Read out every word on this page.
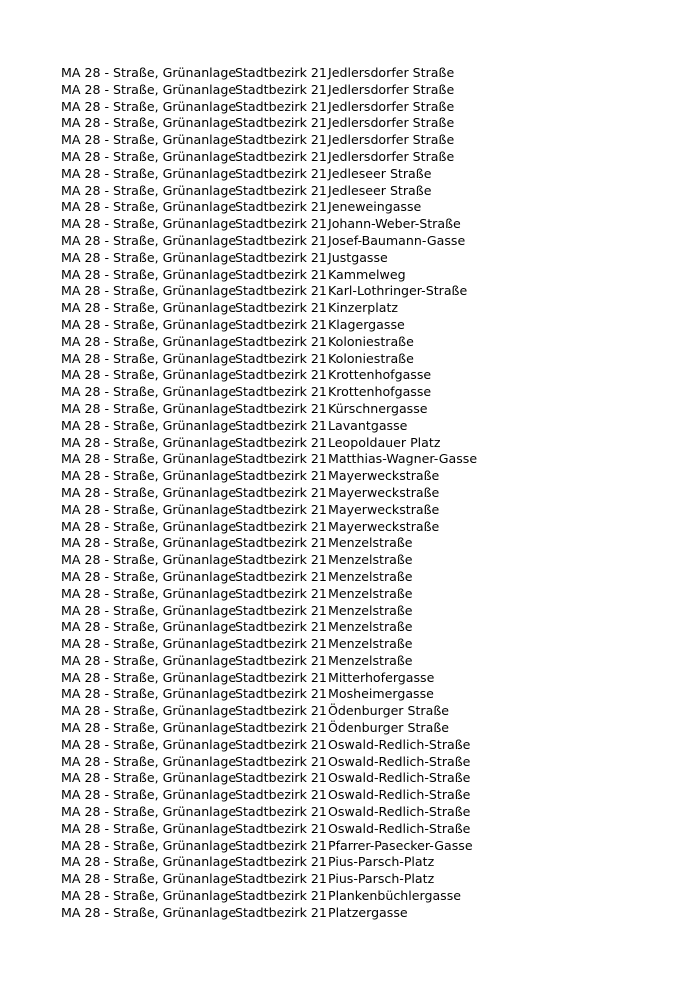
MA 28 - Straße, Grünanlage
Stadtbezirk 21 Jedlersdorfer Straße
MA 28 - Straße, Grünanlage
Stadtbezirk 21 Jedlersdorfer Straße
MA 28 - Straße, Grünanlage
Stadtbezirk 21 Jedlersdorfer Straße
MA 28 - Straße, Grünanlage
Stadtbezirk 21 Jedlersdorfer Straße
MA 28 - Straße, Grünanlage
Stadtbezirk 21 Jedlersdorfer Straße
MA 28 - Straße, Grünanlage
Stadtbezirk 21 Jedlersdorfer Straße
MA 28 - Straße, Grünanlage
Stadtbezirk 21 Jedleseer Straße
MA 28 - Straße, Grünanlage
Stadtbezirk 21 Jedleseer Straße
MA 28 - Straße, Grünanlage
Stadtbezirk 21 Jeneweingasse
MA 28 - Straße, Grünanlage
Stadtbezirk 21 Johann-Weber-Straße
MA 28 - Straße, Grünanlage
Stadtbezirk 21 Josef-Baumann-Gasse
MA 28 - Straße, Grünanlage
Stadtbezirk 21 Justgasse
MA 28 - Straße, Grünanlage
Stadtbezirk 21 Kammelweg
MA 28 - Straße, Grünanlage
Stadtbezirk 21 Karl-Lothringer-Straße
MA 28 - Straße, Grünanlage
Stadtbezirk 21 Kinzerplatz
MA 28 - Straße, Grünanlage
Stadtbezirk 21 Klagergasse
MA 28 - Straße, Grünanlage
Stadtbezirk 21 Koloniestraße
MA 28 - Straße, Grünanlage
Stadtbezirk 21 Koloniestraße
MA 28 - Straße, Grünanlage
Stadtbezirk 21 Krottenhofgasse
MA 28 - Straße, Grünanlage
Stadtbezirk 21 Krottenhofgasse
MA 28 - Straße, Grünanlage
Stadtbezirk 21 Kürschnergasse
MA 28 - Straße, Grünanlage
Stadtbezirk 21 Lavantgasse
MA 28 - Straße, Grünanlage
Stadtbezirk 21 Leopoldauer Platz
MA 28 - Straße, Grünanlage
Stadtbezirk 21 Matthias-Wagner-Gasse
MA 28 - Straße, Grünanlage
Stadtbezirk 21 Mayerweckstraße
MA 28 - Straße, Grünanlage
Stadtbezirk 21 Mayerweckstraße
MA 28 - Straße, Grünanlage
Stadtbezirk 21 Mayerweckstraße
MA 28 - Straße, Grünanlage
Stadtbezirk 21 Mayerweckstraße
MA 28 - Straße, Grünanlage
Stadtbezirk 21 Menzelstraße
MA 28 - Straße, Grünanlage
Stadtbezirk 21 Menzelstraße
MA 28 - Straße, Grünanlage
Stadtbezirk 21 Menzelstraße
MA 28 - Straße, Grünanlage
Stadtbezirk 21 Menzelstraße
MA 28 - Straße, Grünanlage
Stadtbezirk 21 Menzelstraße
MA 28 - Straße, Grünanlage
Stadtbezirk 21 Menzelstraße
MA 28 - Straße, Grünanlage
Stadtbezirk 21 Menzelstraße
MA 28 - Straße, Grünanlage
Stadtbezirk 21 Menzelstraße
MA 28 - Straße, Grünanlage
Stadtbezirk 21 Mitterhofergasse
MA 28 - Straße, Grünanlage
Stadtbezirk 21 Mosheimergasse
MA 28 - Straße, Grünanlage
Stadtbezirk 21 Ödenburger Straße
MA 28 - Straße, Grünanlage
Stadtbezirk 21 Ödenburger Straße
MA 28 - Straße, Grünanlage
Stadtbezirk 21 Oswald-Redlich-Straße
MA 28 - Straße, Grünanlage
Stadtbezirk 21 Oswald-Redlich-Straße
MA 28 - Straße, Grünanlage
Stadtbezirk 21 Oswald-Redlich-Straße
MA 28 - Straße, Grünanlage
Stadtbezirk 21 Oswald-Redlich-Straße
MA 28 - Straße, Grünanlage
Stadtbezirk 21 Oswald-Redlich-Straße
MA 28 - Straße, Grünanlage
Stadtbezirk 21 Oswald-Redlich-Straße
MA 28 - Straße, Grünanlage
Stadtbezirk 21 Pfarrer-Pasecker-Gasse
MA 28 - Straße, Grünanlage
Stadtbezirk 21 Pius-Parsch-Platz
MA 28 - Straße, Grünanlage
Stadtbezirk 21 Pius-Parsch-Platz
MA 28 - Straße, Grünanlage
Stadtbezirk 21 Plankenbüchlergasse
MA 28 - Straße, Grünanlage
Stadtbezirk 21 Platzergasse
